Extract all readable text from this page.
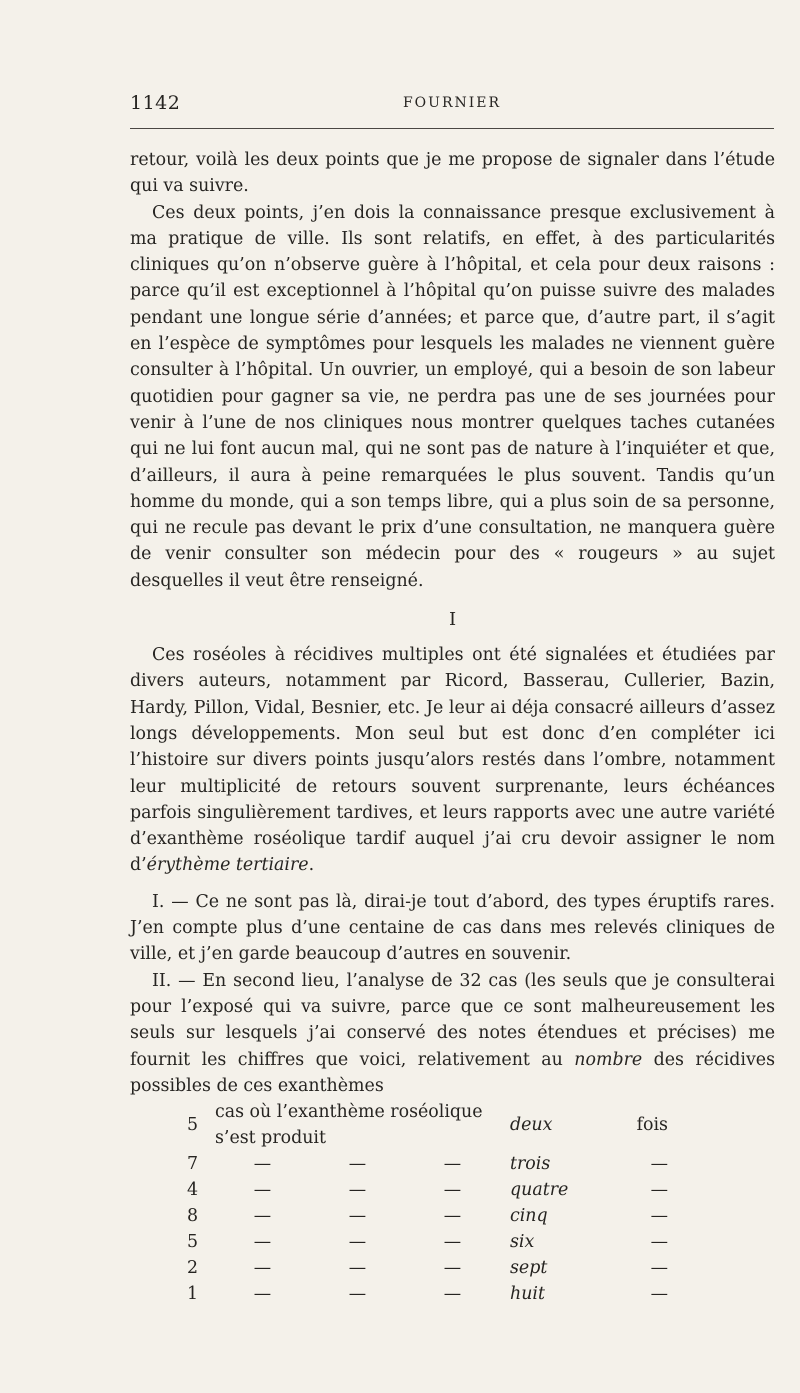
1142	FOURNIER

retour, voilà les deux points que je me propose de signaler dans l’étude qui va suivre.

Ces deux points, j’en dois la connaissance presque exclusivement à ma pratique de ville. Ils sont relatifs, en effet, à des particularités cliniques qu’on n’observe guère à l’hôpital, et cela pour deux raisons : parce qu’il est exceptionnel à l’hôpital qu’on puisse suivre des malades pendant une longue série d’années; et parce que, d’autre part, il s’agit en l’espèce de symptômes pour lesquels les malades ne viennent guère consulter à l’hôpital. Un ouvrier, un employé, qui a besoin de son labeur quotidien pour gagner sa vie, ne perdra pas une de ses journées pour venir à l’une de nos cliniques nous montrer quelques taches cutanées qui ne lui font aucun mal, qui ne sont pas de nature à l’inquiéter et que, d’ailleurs, il aura à peine remarquées le plus souvent. Tandis qu’un homme du monde, qui a son temps libre, qui a plus soin de sa personne, qui ne recule pas devant le prix d’une consultation, ne manquera guère de venir consulter son médecin pour des « rougeurs » au sujet desquelles il veut être renseigné.

I

Ces roséoles à récidives multiples ont été signalées et étudiées par divers auteurs, notamment par Ricord, Basserau, Cullerier, Bazin, Hardy, Pillon, Vidal, Besnier, etc. Je leur ai déja consacré ailleurs d’assez longs développements. Mon seul but est donc d’en compléter ici l’histoire sur divers points jusqu’alors restés dans l’ombre, notamment leur multiplicité de retours souvent surprenante, leurs échéances parfois singulièrement tardives, et leurs rapports avec une autre variété d’exanthème roséolique tardif auquel j’ai cru devoir assigner le nom d’érythème tertiaire.

I. — Ce ne sont pas là, dirai-je tout d’abord, des types éruptifs rares. J’en compte plus d’une centaine de cas dans mes relevés cliniques de ville, et j’en garde beaucoup d’autres en souvenir.

II. — En second lieu, l’analyse de 32 cas (les seuls que je consulterai pour l’exposé qui va suivre, parce que ce sont malheureusement les seuls sur lesquels j’ai conservé des notes étendues et précises) me fournit les chiffres que voici, relativement au nombre des récidives possibles de ces exanthèmes

5	cas où l’exanthème roséolique s’est produit			deux	fois
7	—	—	—	trois	—
4	—	—	—	quatre	—
8	—	—	—	cinq	—
5	—	—	—	six	—
2	—	—	—	sept	—
1	—	—	—	huit	—
